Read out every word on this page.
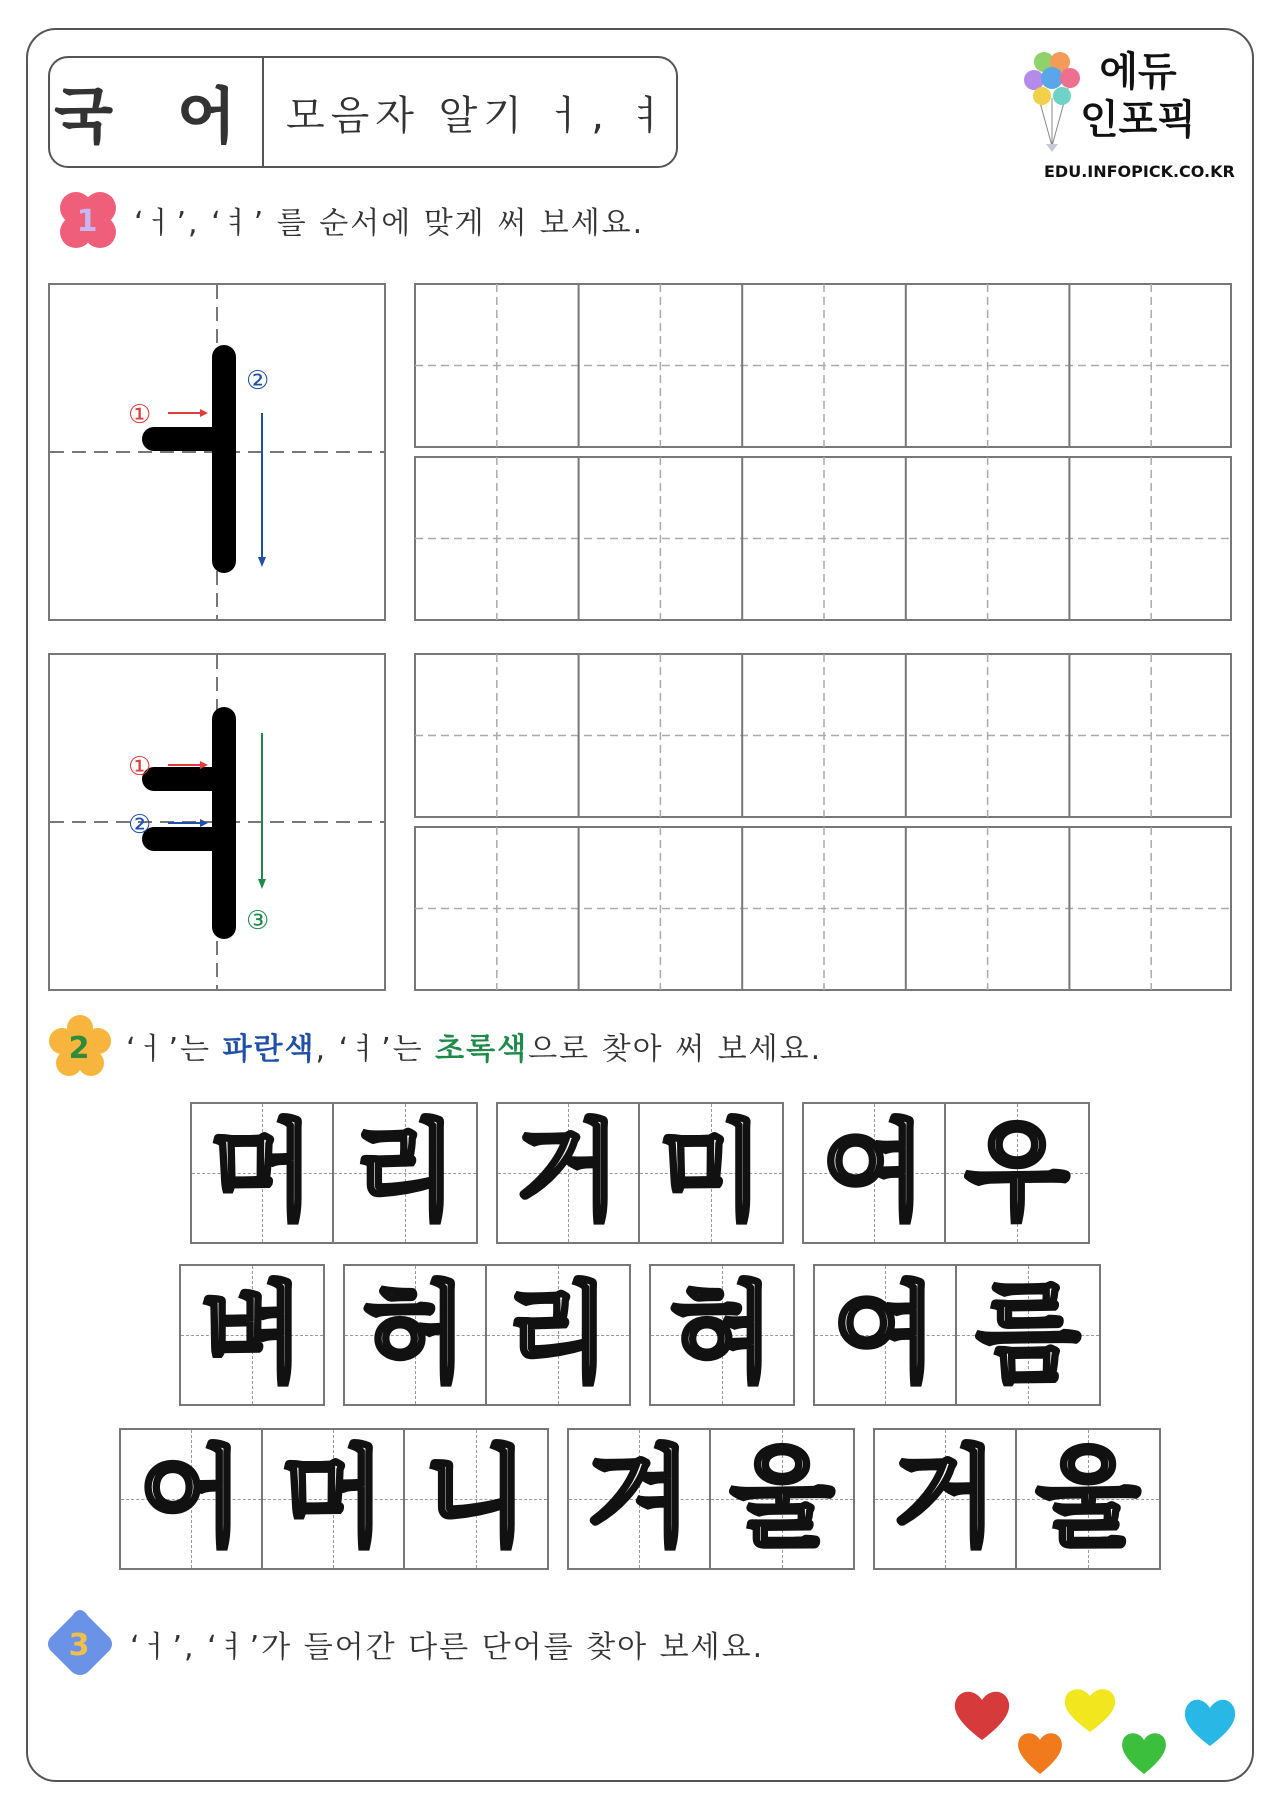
국 어 모음자 알기 ㅓ, ㅕ
에듀
인포픽
EDU.INFOPICK.CO.KR
1 ‘ㅓ’, ‘ㅕ’ 를 순서에 맞게 써 보세요.
①
②
①
②
③
2 ‘ㅓ’는 파란색, ‘ㅕ’는 초록색으로 찾아 써 보세요.
머 리 거 미 여 우
벼 허 리 혀 여 름
어 머 니 겨 울 거 울
3 ‘ㅓ’, ‘ㅕ’가 들어간 다른 단어를 찾아 보세요.
